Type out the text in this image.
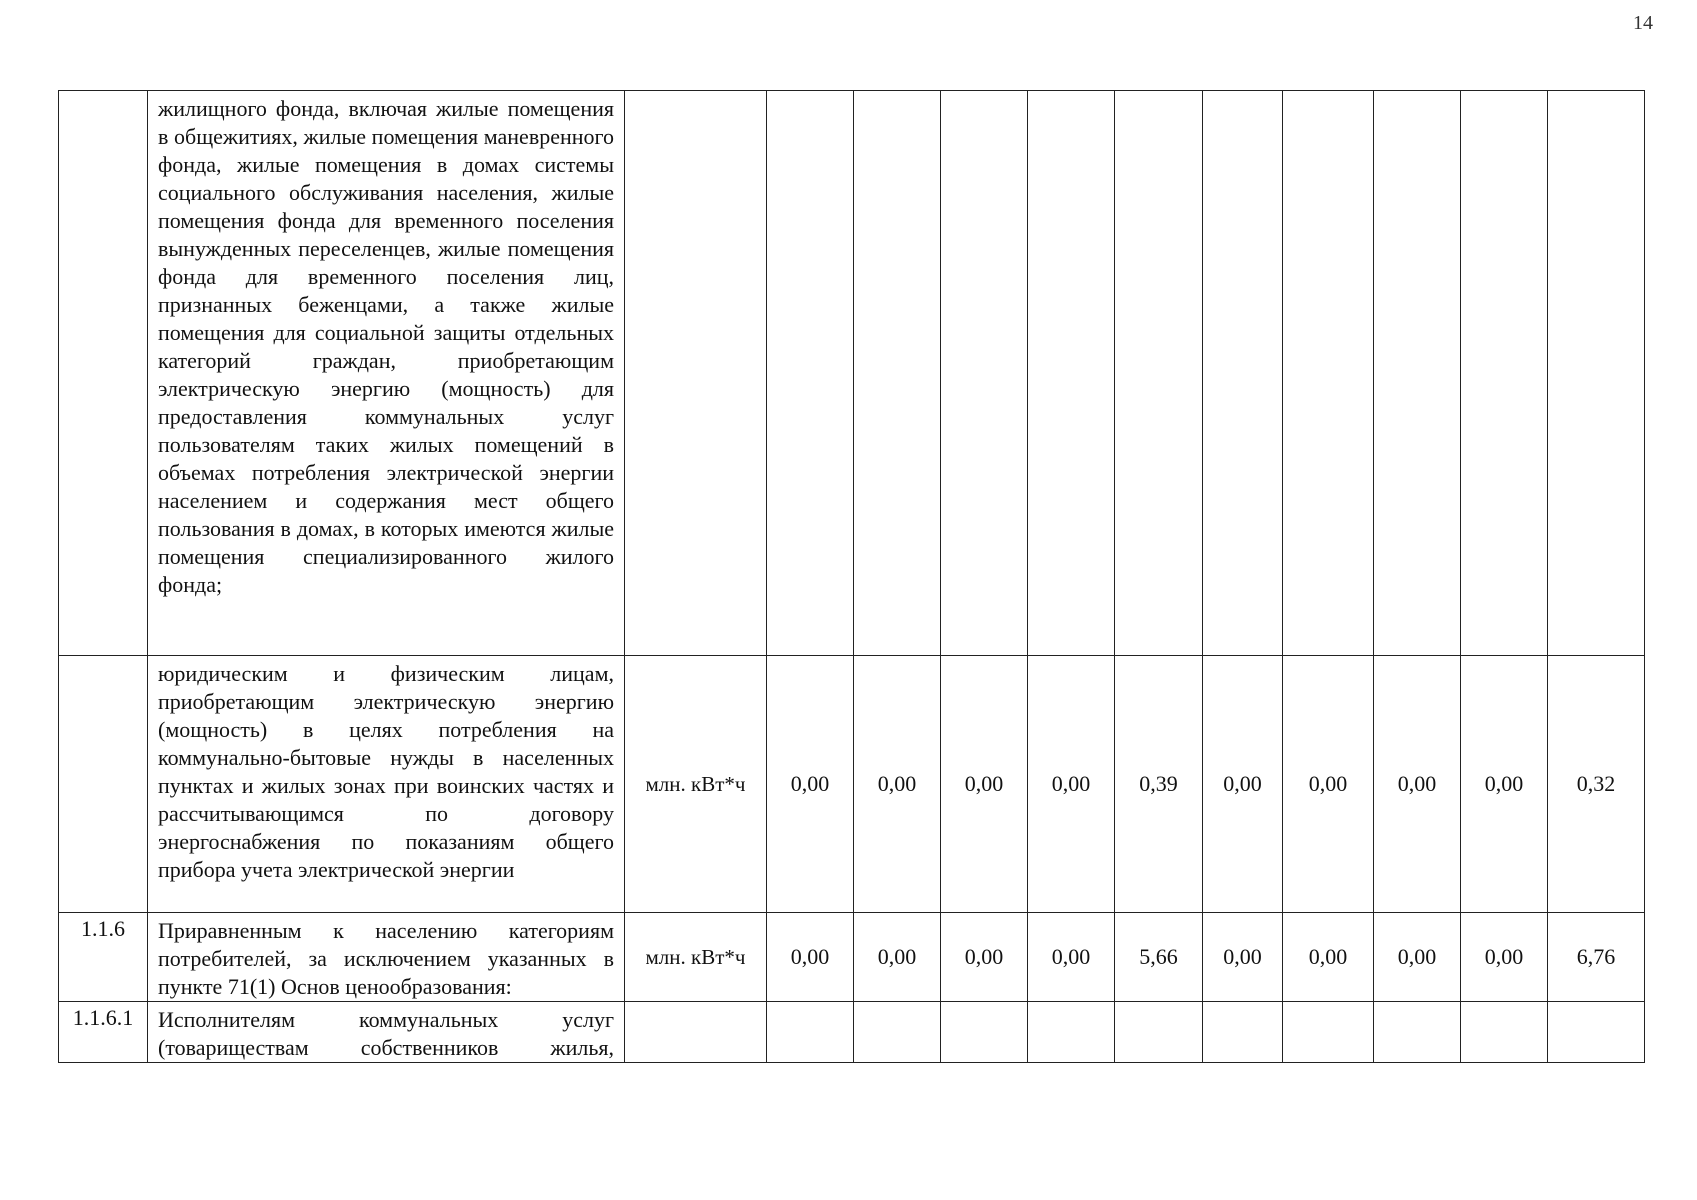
14
	жилищного фонда, включая жилые помещения в общежитиях, жилые помещения маневренного фонда, жилые помещения в домах системы социального обслуживания населения, жилые помещения фонда для временного поселения вынужденных переселенцев, жилые помещения фонда для временного поселения лиц, признанных беженцами, а также жилые помещения для социальной защиты отдельных категорий граждан, приобретающим электрическую энергию (мощность) для предоставления коммунальных услуг пользователям таких жилых помещений в объемах потребления электрической энергии населением и содержания мест общего пользования в домах, в которых имеются жилые помещения специализированного жилого фонда;											
	юридическим и физическим лицам, приобретающим электрическую энергию (мощность) в целях потребления на коммунально-бытовые нужды в населенных пунктах и жилых зонах при воинских частях и рассчитывающимся по договору энергоснабжения по показаниям общего прибора учета электрической энергии	млн. кВт*ч	0,00	0,00	0,00	0,00	0,39	0,00	0,00	0,00	0,00	0,32
1.1.6	Приравненным к населению категориям потребителей, за исключением указанных в пункте 71(1) Основ ценообразования:	млн. кВт*ч	0,00	0,00	0,00	0,00	5,66	0,00	0,00	0,00	0,00	6,76
1.1.6.1	Исполнителям коммунальных услуг (товариществам собственников жилья,											
